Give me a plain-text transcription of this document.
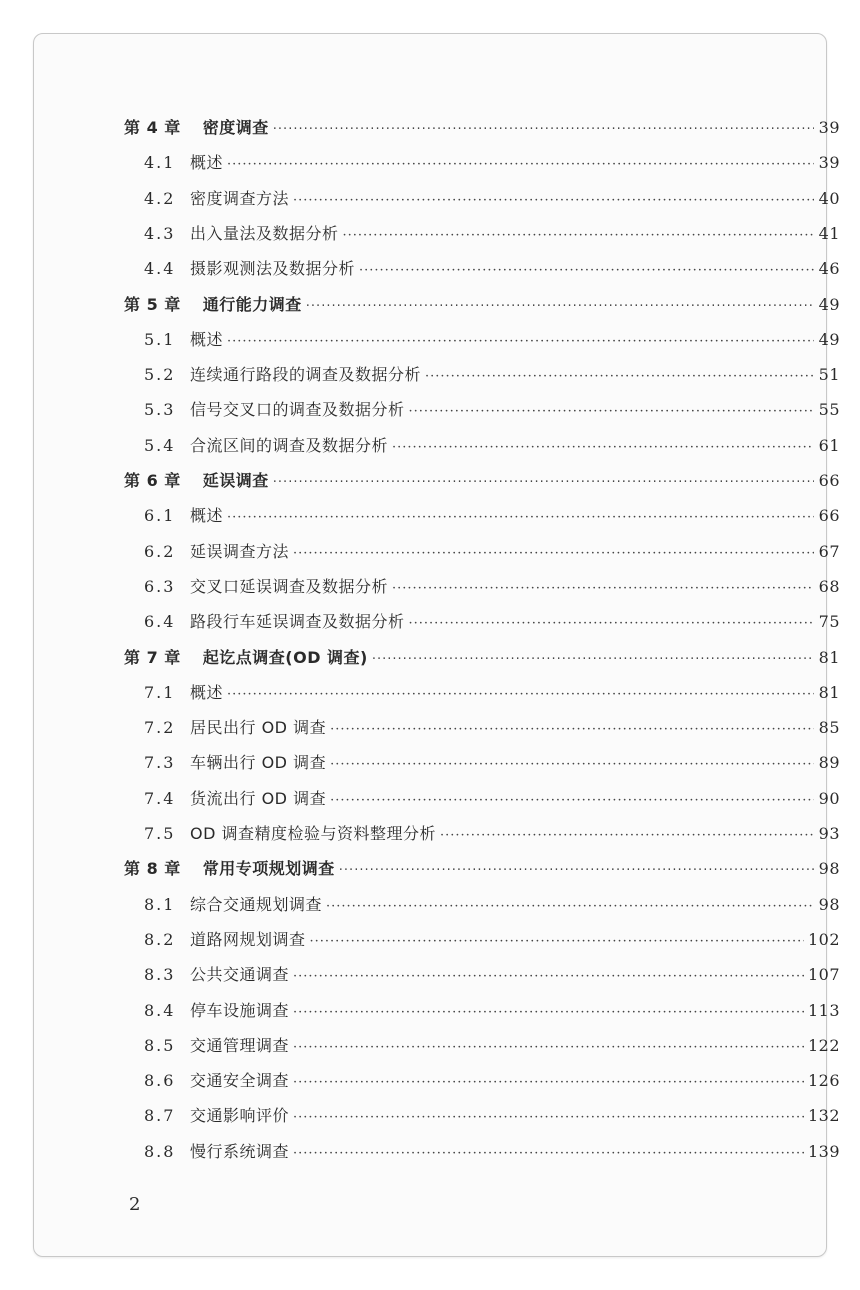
第 4 章	密度调查 ·····	39
4.1 概述 ·····	39
4.2 密度调查方法 ·····	40
4.3 出入量法及数据分析 ·····	41
4.4 摄影观测法及数据分析 ·····	46
第 5 章	通行能力调查 ·····	49
5.1 概述 ·····	49
5.2 连续通行路段的调查及数据分析 ·····	51
5.3 信号交叉口的调查及数据分析 ·····	55
5.4 合流区间的调查及数据分析 ·····	61
第 6 章	延误调查 ·····	66
6.1 概述 ·····	66
6.2 延误调查方法 ·····	67
6.3 交叉口延误调查及数据分析 ·····	68
6.4 路段行车延误调查及数据分析 ·····	75
第 7 章	起讫点调查(OD 调查) ·····	81
7.1 概述 ·····	81
7.2 居民出行 OD 调查 ·····	85
7.3 车辆出行 OD 调查 ·····	89
7.4 货流出行 OD 调查 ·····	90
7.5 OD 调查精度检验与资料整理分析 ·····	93
第 8 章	常用专项规划调查 ·····	98
8.1 综合交通规划调查 ·····	98
8.2 道路网规划调查 ·····	102
8.3 公共交通调查 ·····	107
8.4 停车设施调查 ·····	113
8.5 交通管理调查 ·····	122
8.6 交通安全调查 ·····	126
8.7 交通影响评价 ·····	132
8.8 慢行系统调查 ·····	139
2
